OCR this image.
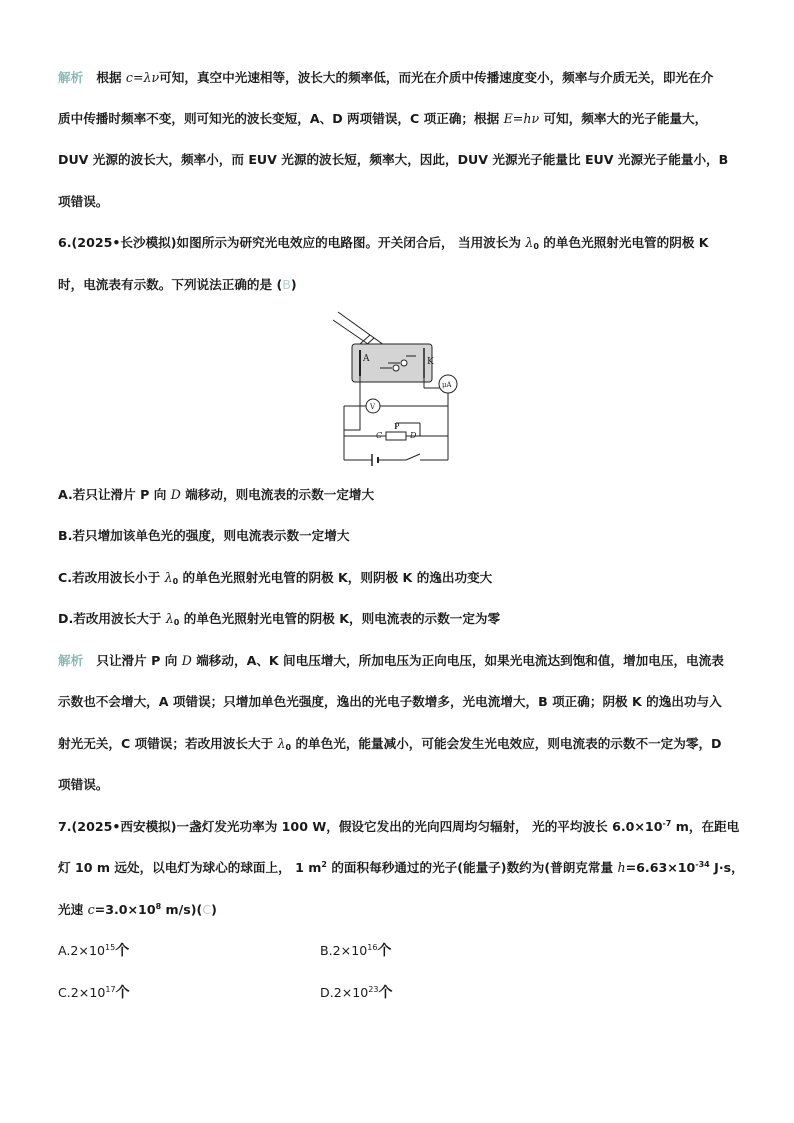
解析 根据 c=λν可知，真空中光速相等，波长大的频率低，而光在介质中传播速度变小，频率与介质无关，即光在介
质中传播时频率不变，则可知光的波长变短，A、D 两项错误，C 项正确；根据 E=hν 可知，频率大的光子能量大，
DUV 光源的波长大，频率小，而 EUV 光源的波长短，频率大，因此，DUV 光源光子能量比 EUV 光源光子能量小，B
项错误。
6.(2025•长沙模拟)如图所示为研究光电效应的电路图。开关闭合后， 当用波长为 $\lambda_0$ 的单色光照射光电管的阴极 K
时，电流表有示数。下列说法正确的是 (B)
A	K
μA
V
P
C	D
A.若只让滑片 P 向 D 端移动，则电流表的示数一定增大
B.若只增加该单色光的强度，则电流表示数一定增大
C.若改用波长小于 $\lambda_0$ 的单色光照射光电管的阴极 K，则阴极 K 的逸出功变大
D.若改用波长大于 $\lambda_0$ 的单色光照射光电管的阴极 K，则电流表的示数一定为零
解析 只让滑片 P 向 D 端移动，A、K 间电压增大，所加电压为正向电压，如果光电流达到饱和值，增加电压，电流表
示数也不会增大，A 项错误；只增加单色光强度，逸出的光电子数增多，光电流增大，B 项正确；阴极 K 的逸出功与入
射光无关，C 项错误；若改用波长大于 $\lambda_0$ 的单色光，能量减小，可能会发生光电效应，则电流表的示数不一定为零，D
项错误。
7.(2025•西安模拟)一盏灯发光功率为 100 W，假设它发出的光向四周均匀辐射， 光的平均波长 $6.0\times 10^{-7}$ m，在距电
灯 10 m 远处，以电灯为球心的球面上， 1 $m^2$ 的面积每秒通过的光子(能量子)数约为(普朗克常量 $h=6.63\times 10^{-34}$ J·s，
光速 $c=3.0\times 10^8$ m/s)(C)
$A.2\times 10^{15}$个	$B.2\times 10^{16}$个
$C.2\times 10^{17}$个	$D.2\times 10^{23}$个
